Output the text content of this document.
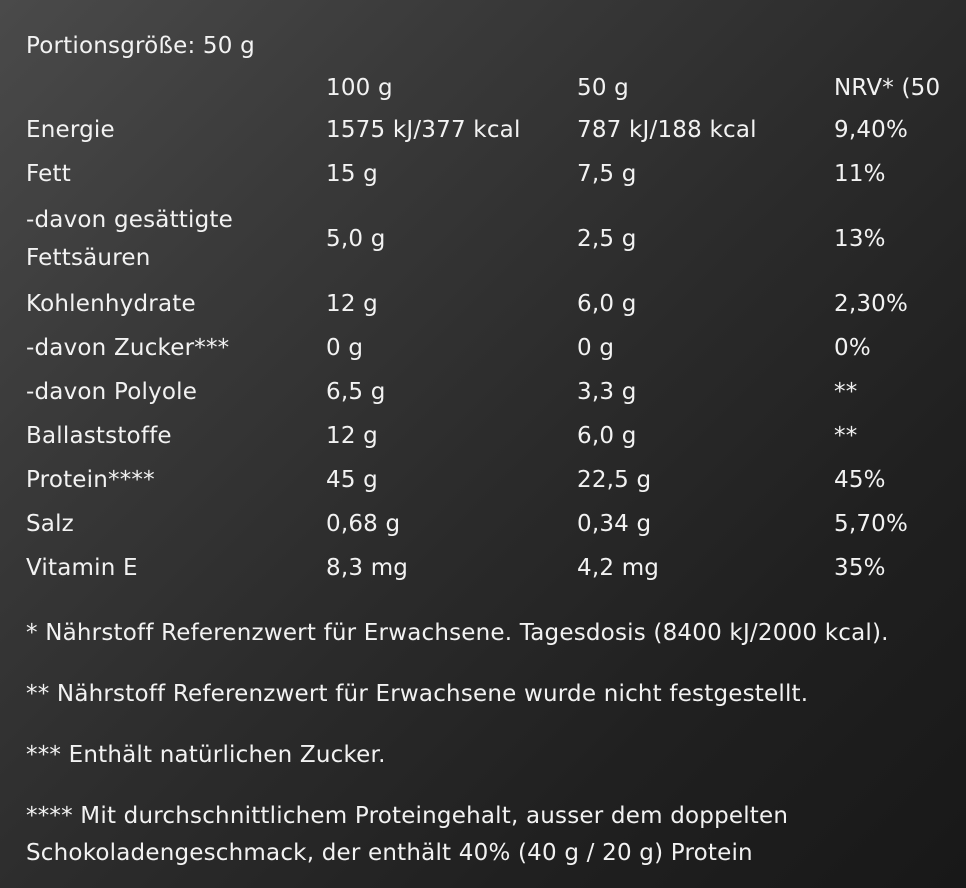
Portionsgröße: 50 g
	100 g	50 g	NRV* (50
Energie	1575 kJ/377 kcal	787 kJ/188 kcal	9,40%
Fett	15 g	7,5 g	11%
-davon gesättigte Fettsäuren	5,0 g	2,5 g	13%
Kohlenhydrate	12 g	6,0 g	2,30%
-davon Zucker***	0 g	0 g	0%
-davon Polyole	6,5 g	3,3 g	**
Ballaststoffe	12 g	6,0 g	**
Protein****	45 g	22,5 g	45%
Salz	0,68 g	0,34 g	5,70%
Vitamin E	8,3 mg	4,2 mg	35%

* Nährstoff Referenzwert für Erwachsene. Tagesdosis (8400 kJ/2000 kcal).

** Nährstoff Referenzwert für Erwachsene wurde nicht festgestellt.

*** Enthält natürlichen Zucker.

**** Mit durchschnittlichem Proteingehalt, ausser dem doppelten
Schokoladengeschmack, der enthält 40% (40 g / 20 g) Protein
